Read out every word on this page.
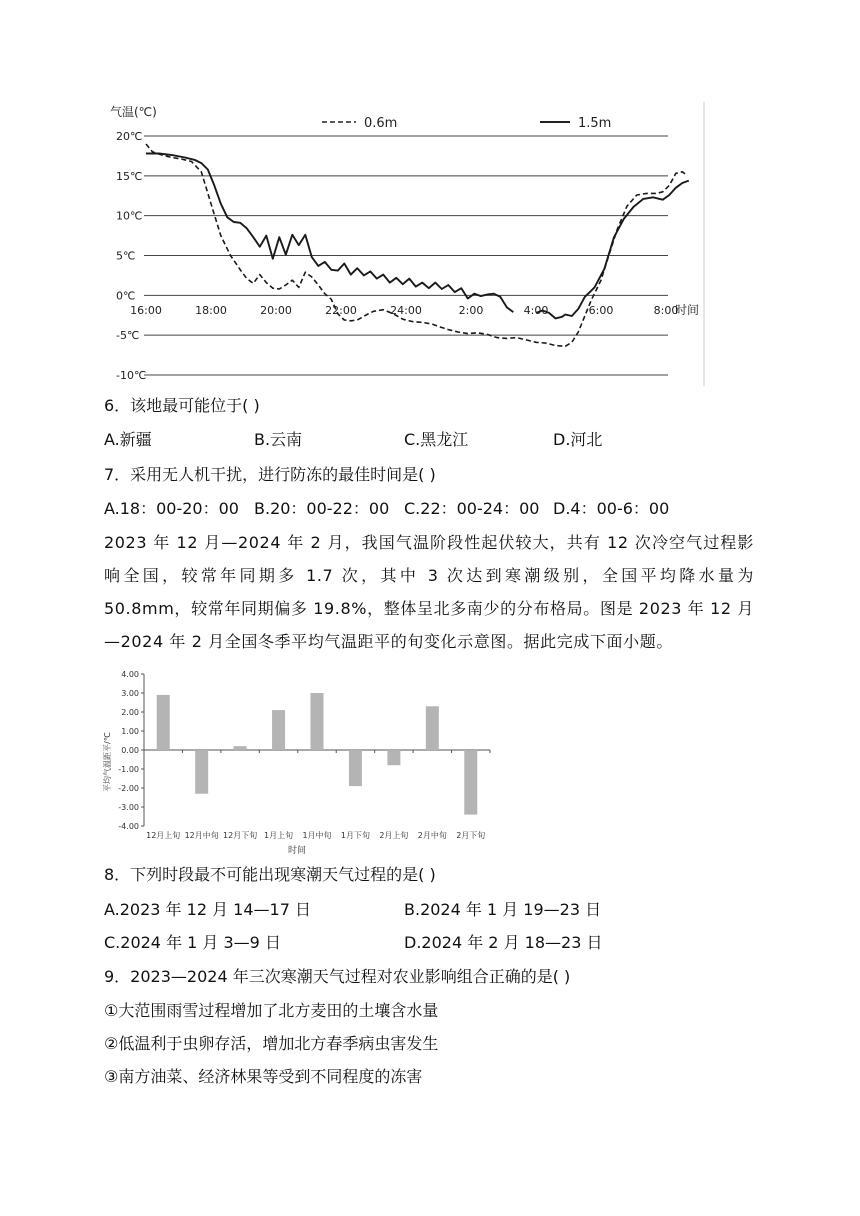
20℃
15℃
10℃
5℃
0℃
-5℃
-10℃
16:00	18:00	20:00	22:00	24:00	2:00	4:00	6:00	8:00
气温(℃)
时间
0.6m	1.5m
6．该地最可能位于( )
A.新疆	B.云南	C.黑龙江	D.河北
7．采用无人机干扰，进行防冻的最佳时间是( )
A.18：00-20：00 B.20：00-22：00 C.22：00-24：00 D.4：00-6：00
2023 年 12 月—2024 年 2 月，我国气温阶段性起伏较大，共有 12 次冷空气过程影响全国，较常年同期多 1.7 次，其中 3 次达到寒潮级别，全国平均降水量为 50.8mm，较常年同期偏多 19.8%，整体呈北多南少的分布格局。图是 2023 年 12 月—2024 年 2 月全国冬季平均气温距平的旬变化示意图。据此完成下面小题。
4.00
3.00
2.00
1.00
0.00
-1.00
-2.00
-3.00
-4.00
12月上旬 12月中旬 12月下旬 1月上旬 1月中旬 1月下旬 2月上旬 2月中旬 2月下旬
平均气温距平/℃
时间
8．下列时段最不可能出现寒潮天气过程的是( )
A.2023 年 12 月 14—17 日	B.2024 年 1 月 19—23 日
C.2024 年 1 月 3—9 日	D.2024 年 2 月 18—23 日
9．2023—2024 年三次寒潮天气过程对农业影响组合正确的是( )
①大范围雨雪过程增加了北方麦田的土壤含水量
②低温利于虫卵存活，增加北方春季病虫害发生
③南方油菜、经济林果等受到不同程度的冻害
